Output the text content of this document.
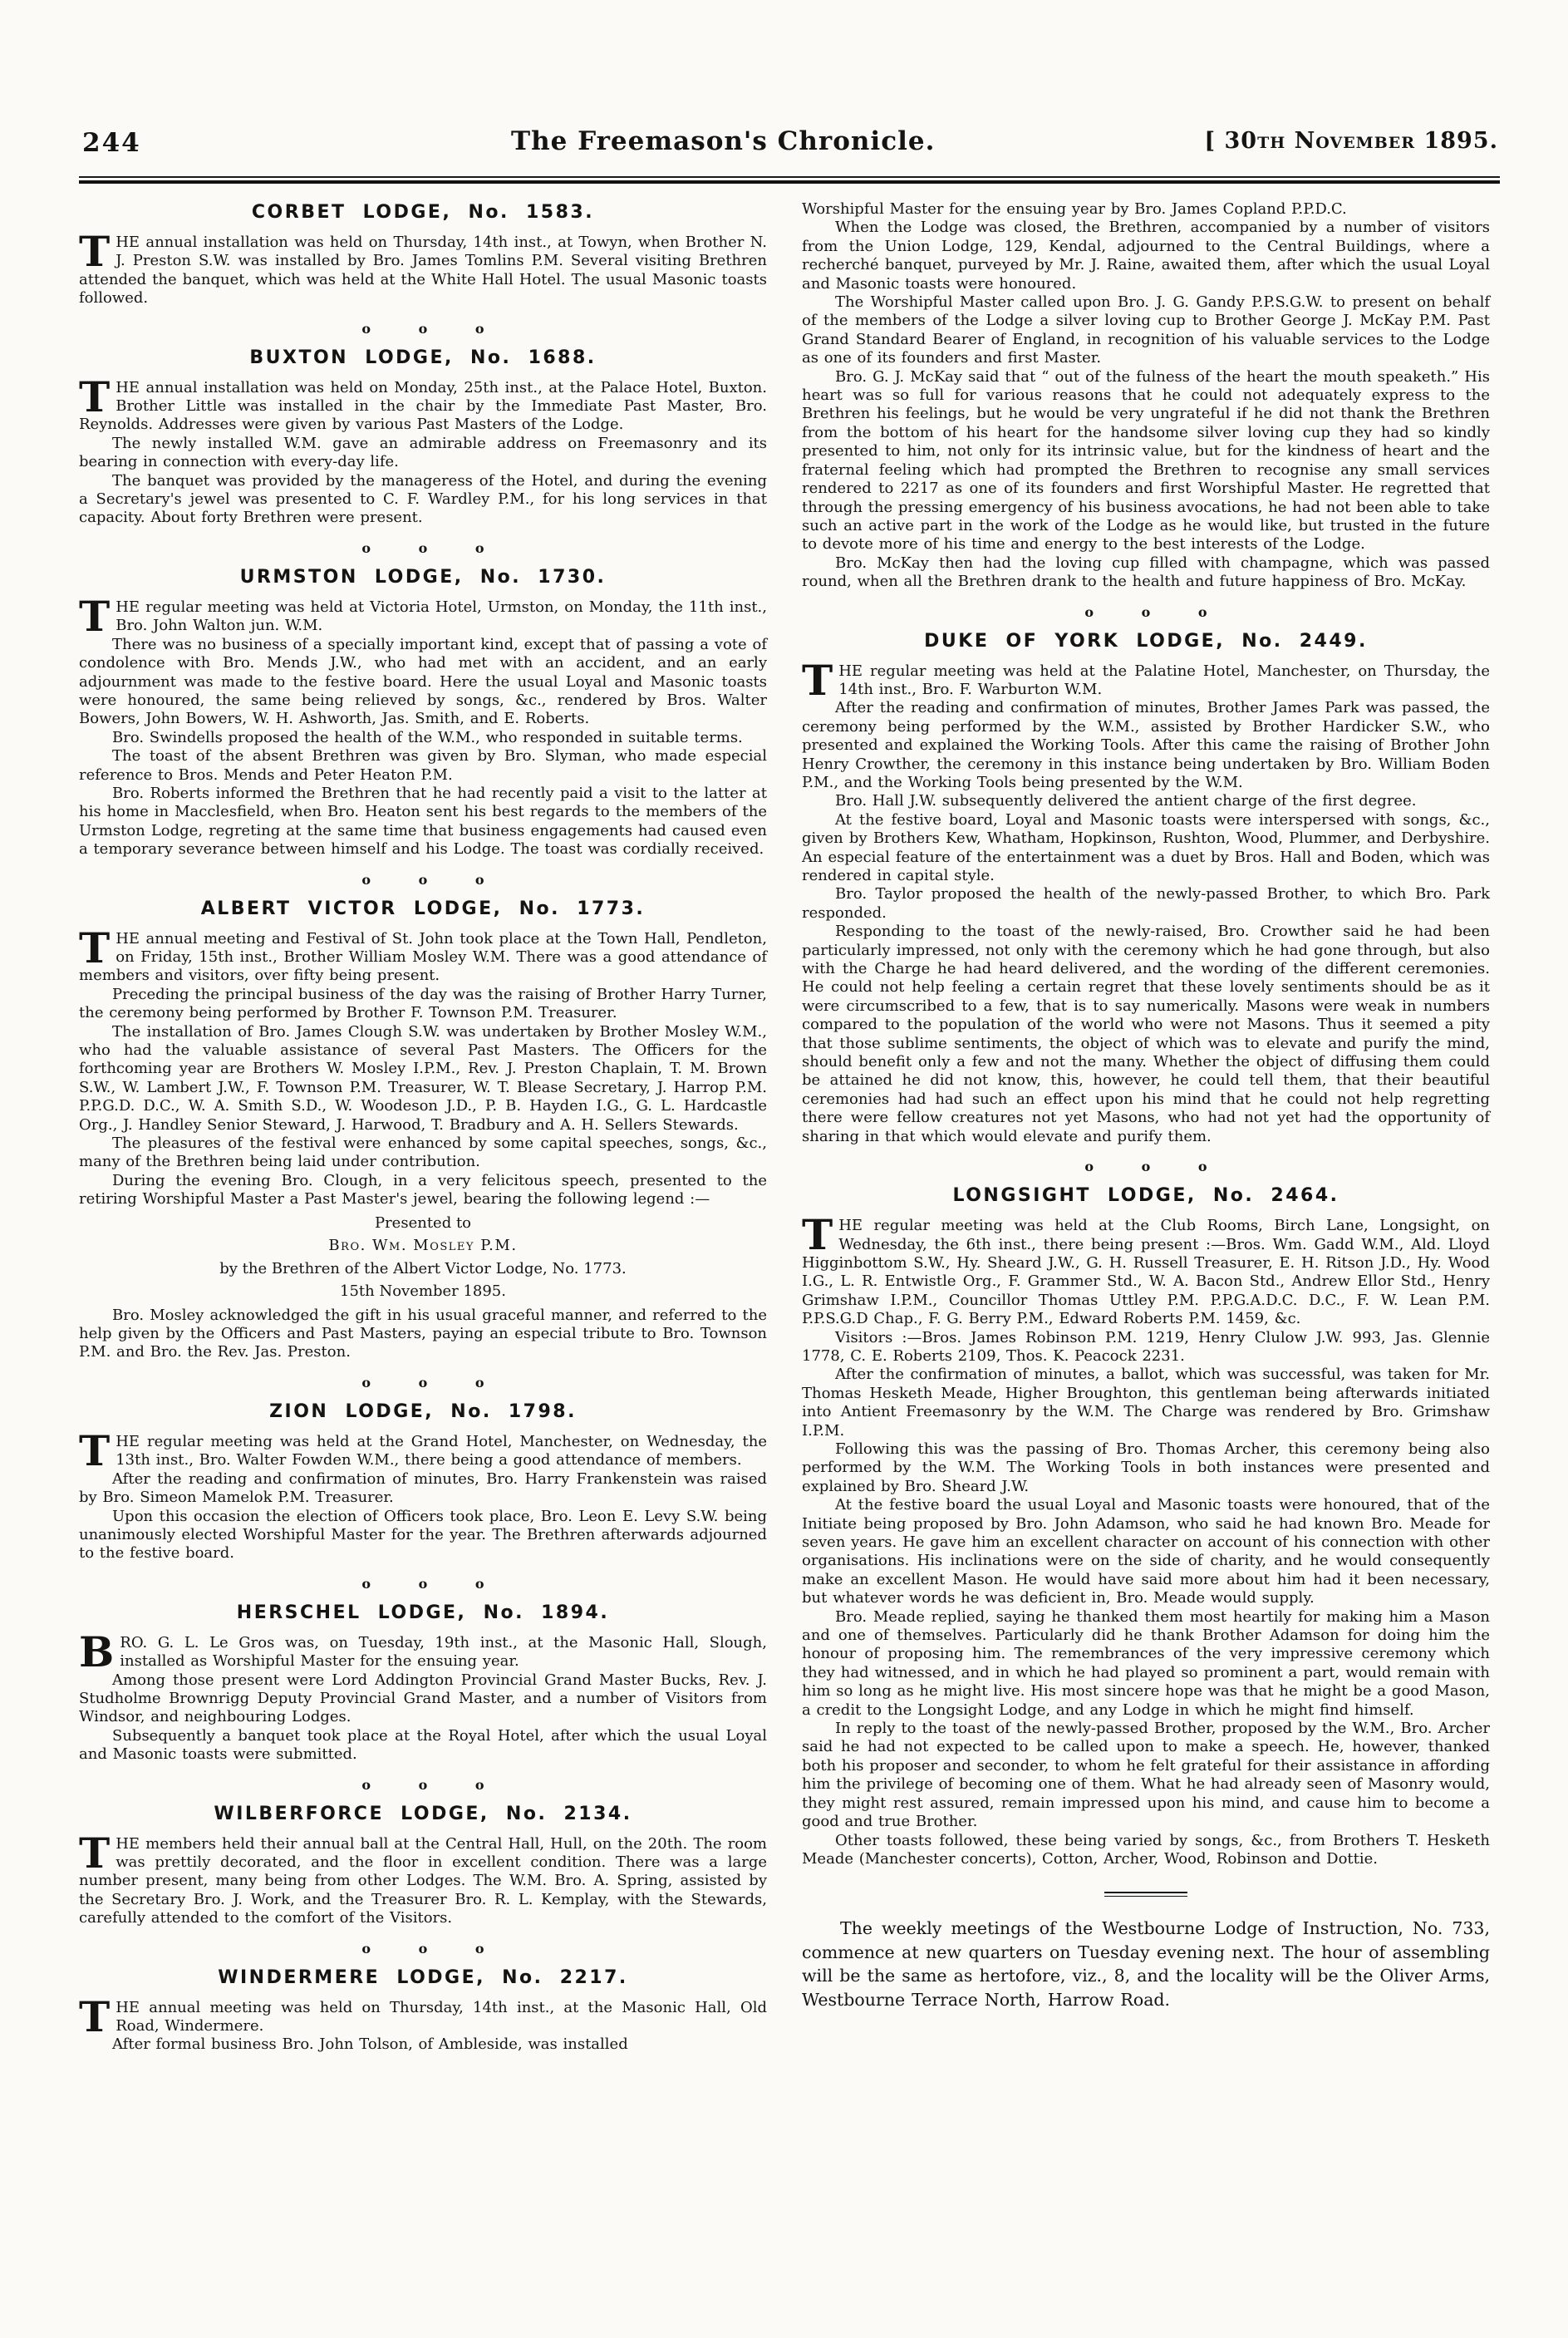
244	The Freemason's Chronicle.	[ 30th November 1895.
CORBET LODGE, No. 1583.

THE annual installation was held on Thursday, 14th inst., at Towyn, when Brother N. J. Preston S.W. was installed by Bro. James Tomlins P.M. Several visiting Brethren attended the banquet, which was held at the White Hall Hotel. The usual Masonic toasts followed.

o o o
BUXTON LODGE, No. 1688.

THE annual installation was held on Monday, 25th inst., at the Palace Hotel, Buxton. Brother Little was installed in the chair by the Immediate Past Master, Bro. Reynolds. Addresses were given by various Past Masters of the Lodge.

The newly installed W.M. gave an admirable address on Freemasonry and its bearing in connection with every-day life.

The banquet was provided by the manageress of the Hotel, and during the evening a Secretary's jewel was presented to C. F. Wardley P.M., for his long services in that capacity. About forty Brethren were present.

o o o
URMSTON LODGE, No. 1730.

THE regular meeting was held at Victoria Hotel, Urmston, on Monday, the 11th inst., Bro. John Walton jun. W.M.

There was no business of a specially important kind, except that of passing a vote of condolence with Bro. Mends J.W., who had met with an accident, and an early adjournment was made to the festive board. Here the usual Loyal and Masonic toasts were honoured, the same being relieved by songs, &c., rendered by Bros. Walter Bowers, John Bowers, W. H. Ashworth, Jas. Smith, and E. Roberts.

Bro. Swindells proposed the health of the W.M., who responded in suitable terms.

The toast of the absent Brethren was given by Bro. Slyman, who made especial reference to Bros. Mends and Peter Heaton P.M.

Bro. Roberts informed the Brethren that he had recently paid a visit to the latter at his home in Macclesfield, when Bro. Heaton sent his best regards to the members of the Urmston Lodge, regreting at the same time that business engagements had caused even a temporary severance between himself and his Lodge. The toast was cordially received.

o o o
ALBERT VICTOR LODGE, No. 1773.

THE annual meeting and Festival of St. John took place at the Town Hall, Pendleton, on Friday, 15th inst., Brother William Mosley W.M. There was a good attendance of members and visitors, over fifty being present.

Preceding the principal business of the day was the raising of Brother Harry Turner, the ceremony being performed by Brother F. Townson P.M. Treasurer.

The installation of Bro. James Clough S.W. was undertaken by Brother Mosley W.M., who had the valuable assistance of several Past Masters. The Officers for the forthcoming year are Brothers W. Mosley I.P.M., Rev. J. Preston Chaplain, T. M. Brown S.W., W. Lambert J.W., F. Townson P.M. Treasurer, W. T. Blease Secretary, J. Harrop P.M. P.P.G.D. D.C., W. A. Smith S.D., W. Woodeson J.D., P. B. Hayden I.G., G. L. Hardcastle Org., J. Handley Senior Steward, J. Harwood, T. Bradbury and A. H. Sellers Stewards.

The pleasures of the festival were enhanced by some capital speeches, songs, &c., many of the Brethren being laid under contribution.

During the evening Bro. Clough, in a very felicitous speech, presented to the retiring Worshipful Master a Past Master's jewel, bearing the following legend :—

Presented to
Bro. Wm. Mosley P.M.
by the Brethren of the Albert Victor Lodge, No. 1773.
15th November 1895.

Bro. Mosley acknowledged the gift in his usual graceful manner, and referred to the help given by the Officers and Past Masters, paying an especial tribute to Bro. Townson P.M. and Bro. the Rev. Jas. Preston.

o o o
ZION LODGE, No. 1798.

THE regular meeting was held at the Grand Hotel, Manchester, on Wednesday, the 13th inst., Bro. Walter Fowden W.M., there being a good attendance of members.

After the reading and confirmation of minutes, Bro. Harry Frankenstein was raised by Bro. Simeon Mamelok P.M. Treasurer.

Upon this occasion the election of Officers took place, Bro. Leon E. Levy S.W. being unanimously elected Worshipful Master for the year. The Brethren afterwards adjourned to the festive board.

o o o
HERSCHEL LODGE, No. 1894.

BRO. G. L. Le Gros was, on Tuesday, 19th inst., at the Masonic Hall, Slough, installed as Worshipful Master for the ensuing year.

Among those present were Lord Addington Provincial Grand Master Bucks, Rev. J. Studholme Brownrigg Deputy Provincial Grand Master, and a number of Visitors from Windsor, and neighbouring Lodges.

Subsequently a banquet took place at the Royal Hotel, after which the usual Loyal and Masonic toasts were submitted.

o o o
WILBERFORCE LODGE, No. 2134.

THE members held their annual ball at the Central Hall, Hull, on the 20th. The room was prettily decorated, and the floor in excellent condition. There was a large number present, many being from other Lodges. The W.M. Bro. A. Spring, assisted by the Secretary Bro. J. Work, and the Treasurer Bro. R. L. Kemplay, with the Stewards, carefully attended to the comfort of the Visitors.

o o o
WINDERMERE LODGE, No. 2217.

THE annual meeting was held on Thursday, 14th inst., at the Masonic Hall, Old Road, Windermere.

After formal business Bro. John Tolson, of Ambleside, was installed

Worshipful Master for the ensuing year by Bro. James Copland P.P.D.C.

When the Lodge was closed, the Brethren, accompanied by a number of visitors from the Union Lodge, 129, Kendal, adjourned to the Central Buildings, where a recherché banquet, purveyed by Mr. J. Raine, awaited them, after which the usual Loyal and Masonic toasts were honoured.

The Worshipful Master called upon Bro. J. G. Gandy P.P.S.G.W. to present on behalf of the members of the Lodge a silver loving cup to Brother George J. McKay P.M. Past Grand Standard Bearer of England, in recognition of his valuable services to the Lodge as one of its founders and first Master.

Bro. G. J. McKay said that “ out of the fulness of the heart the mouth speaketh.” His heart was so full for various reasons that he could not adequately express to the Brethren his feelings, but he would be very ungrateful if he did not thank the Brethren from the bottom of his heart for the handsome silver loving cup they had so kindly presented to him, not only for its intrinsic value, but for the kindness of heart and the fraternal feeling which had prompted the Brethren to recognise any small services rendered to 2217 as one of its founders and first Worshipful Master. He regretted that through the pressing emergency of his business avocations, he had not been able to take such an active part in the work of the Lodge as he would like, but trusted in the future to devote more of his time and energy to the best interests of the Lodge.

Bro. McKay then had the loving cup filled with champagne, which was passed round, when all the Brethren drank to the health and future happiness of Bro. McKay.

o o o
DUKE OF YORK LODGE, No. 2449.

THE regular meeting was held at the Palatine Hotel, Manchester, on Thursday, the 14th inst., Bro. F. Warburton W.M.

After the reading and confirmation of minutes, Brother James Park was passed, the ceremony being performed by the W.M., assisted by Brother Hardicker S.W., who presented and explained the Working Tools. After this came the raising of Brother John Henry Crowther, the ceremony in this instance being undertaken by Bro. William Boden P.M., and the Working Tools being presented by the W.M.

Bro. Hall J.W. subsequently delivered the antient charge of the first degree.

At the festive board, Loyal and Masonic toasts were interspersed with songs, &c., given by Brothers Kew, Whatham, Hopkinson, Rushton, Wood, Plummer, and Derbyshire. An especial feature of the entertainment was a duet by Bros. Hall and Boden, which was rendered in capital style.

Bro. Taylor proposed the health of the newly-passed Brother, to which Bro. Park responded.

Responding to the toast of the newly-raised, Bro. Crowther said he had been particularly impressed, not only with the ceremony which he had gone through, but also with the Charge he had heard delivered, and the wording of the different ceremonies. He could not help feeling a certain regret that these lovely sentiments should be as it were circumscribed to a few, that is to say numerically. Masons were weak in numbers compared to the population of the world who were not Masons. Thus it seemed a pity that those sublime sentiments, the object of which was to elevate and purify the mind, should benefit only a few and not the many. Whether the object of diffusing them could be attained he did not know, this, however, he could tell them, that their beautiful ceremonies had had such an effect upon his mind that he could not help regretting there were fellow creatures not yet Masons, who had not yet had the opportunity of sharing in that which would elevate and purify them.

o o o
LONGSIGHT LODGE, No. 2464.

THE regular meeting was held at the Club Rooms, Birch Lane, Longsight, on Wednesday, the 6th inst., there being present :—Bros. Wm. Gadd W.M., Ald. Lloyd Higginbottom S.W., Hy. Sheard J.W., G. H. Russell Treasurer, E. H. Ritson J.D., Hy. Wood I.G., L. R. Entwistle Org., F. Grammer Std., W. A. Bacon Std., Andrew Ellor Std., Henry Grimshaw I.P.M., Councillor Thomas Uttley P.M. P.P.G.A.D.C. D.C., F. W. Lean P.M. P.P.S.G.D Chap., F. G. Berry P.M., Edward Roberts P.M. 1459, &c.

Visitors :—Bros. James Robinson P.M. 1219, Henry Clulow J.W. 993, Jas. Glennie 1778, C. E. Roberts 2109, Thos. K. Peacock 2231.

After the confirmation of minutes, a ballot, which was successful, was taken for Mr. Thomas Hesketh Meade, Higher Broughton, this gentleman being afterwards initiated into Antient Freemasonry by the W.M. The Charge was rendered by Bro. Grimshaw I.P.M.

Following this was the passing of Bro. Thomas Archer, this ceremony being also performed by the W.M. The Working Tools in both instances were presented and explained by Bro. Sheard J.W.

At the festive board the usual Loyal and Masonic toasts were honoured, that of the Initiate being proposed by Bro. John Adamson, who said he had known Bro. Meade for seven years. He gave him an excellent character on account of his connection with other organisations. His inclinations were on the side of charity, and he would consequently make an excellent Mason. He would have said more about him had it been necessary, but whatever words he was deficient in, Bro. Meade would supply.

Bro. Meade replied, saying he thanked them most heartily for making him a Mason and one of themselves. Particularly did he thank Brother Adamson for doing him the honour of proposing him. The remembrances of the very impressive ceremony which they had witnessed, and in which he had played so prominent a part, would remain with him so long as he might live. His most sincere hope was that he might be a good Mason, a credit to the Longsight Lodge, and any Lodge in which he might find himself.

In reply to the toast of the newly-passed Brother, proposed by the W.M., Bro. Archer said he had not expected to be called upon to make a speech. He, however, thanked both his proposer and seconder, to whom he felt grateful for their assistance in affording him the privilege of becoming one of them. What he had already seen of Masonry would, they might rest assured, remain impressed upon his mind, and cause him to become a good and true Brother.

Other toasts followed, these being varied by songs, &c., from Brothers T. Hesketh Meade (Manchester concerts), Cotton, Archer, Wood, Robinson and Dottie.

The weekly meetings of the Westbourne Lodge of Instruction, No. 733, commence at new quarters on Tuesday evening next. The hour of assembling will be the same as hertofore, viz., 8, and the locality will be the Oliver Arms, Westbourne Terrace North, Harrow Road.
